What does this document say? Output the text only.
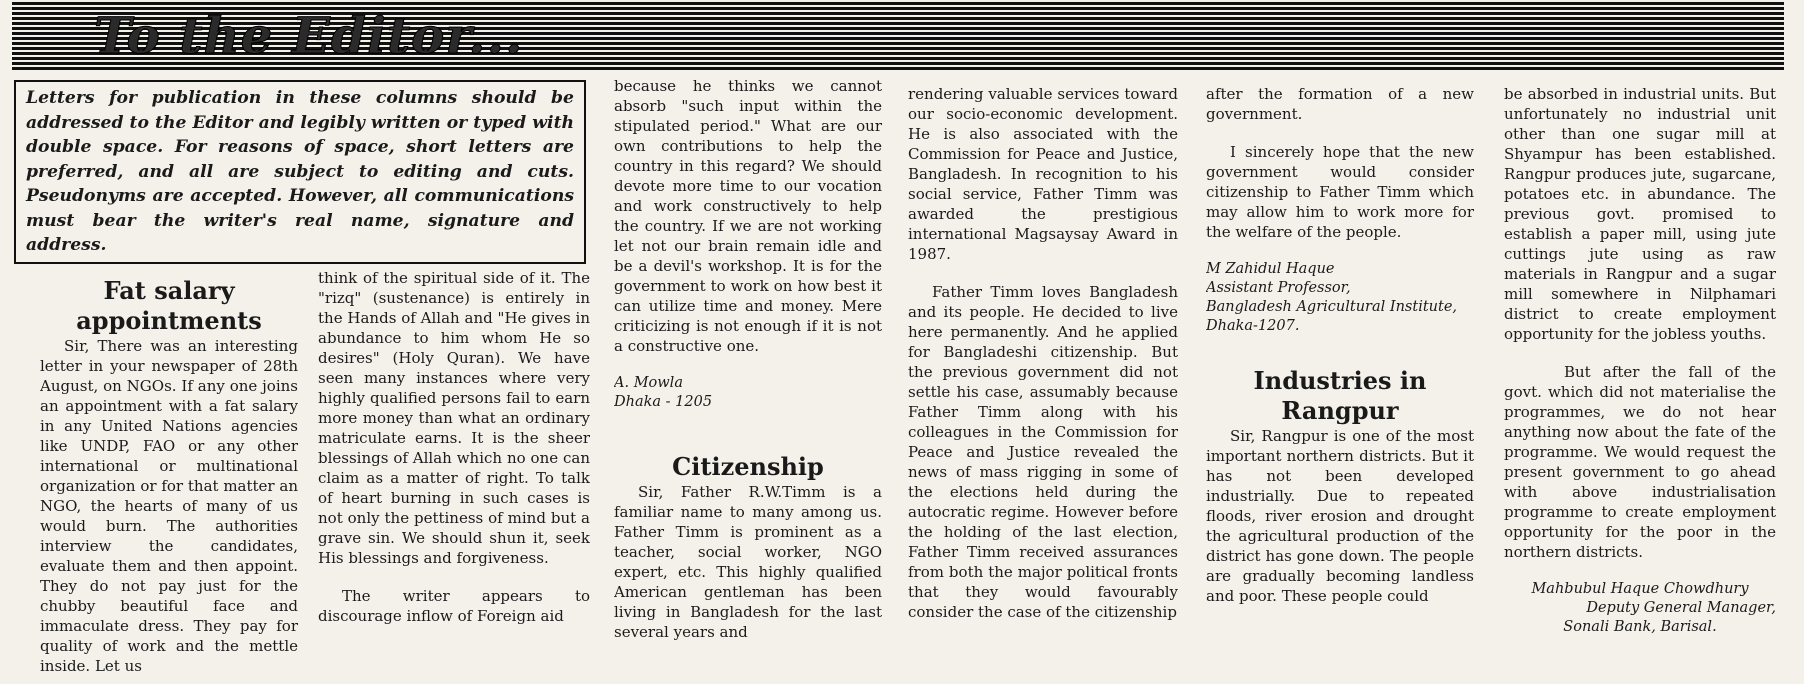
To the Editor...
Letters for publication in these columns should be addressed to the Editor and legibly written or typed with double space. For reasons of space, short letters are preferred, and all are subject to editing and cuts. Pseudonyms are accepted. However, all communications must bear the writer's real name, signature and address.

Fat salary appointments

Sir, There was an interesting letter in your newspaper of 28th August, on NGOs. If any one joins an appointment with a fat salary in any United Nations agencies like UNDP, FAO or any other international or multinational organization or for that matter an NGO, the hearts of many of us would burn. The authorities interview the candidates, evaluate them and then appoint. They do not pay just for the chubby beautiful face and immaculate dress. They pay for quality of work and the mettle inside. Let us

think of the spiritual side of it. The "rizq" (sustenance) is entirely in the Hands of Allah and "He gives in abundance to him whom He so desires" (Holy Quran). We have seen many instances where very highly qualified persons fail to earn more money than what an ordinary matriculate earns. It is the sheer blessings of Allah which no one can claim as a matter of right. To talk of heart burning in such cases is not only the pettiness of mind but a grave sin. We should shun it, seek His blessings and forgiveness.

The writer appears to discourage inflow of Foreign aid

because he thinks we cannot absorb "such input within the stipulated period." What are our own contributions to help the country in this regard? We should devote more time to our vocation and work constructively to help the country. If we are not working let not our brain remain idle and be a devil's workshop. It is for the government to work on how best it can utilize time and money. Mere criticizing is not enough if it is not a constructive one.

A. Mowla

Dhaka - 1205

Citizenship

Sir, Father R.W.Timm is a familiar name to many among us. Father Timm is prominent as a teacher, social worker, NGO expert, etc. This highly qualified American gentleman has been living in Bangladesh for the last several years and

rendering valuable services toward our socio-economic development. He is also associated with the Commission for Peace and Justice, Bangladesh. In recognition to his social service, Father Timm was awarded the prestigious international Magsaysay Award in 1987.

Father Timm loves Bangladesh and its people. He decided to live here permanently. And he applied for Bangladeshi citizenship. But the previous government did not settle his case, assumably because Father Timm along with his colleagues in the Commission for Peace and Justice revealed the news of mass rigging in some of the elections held during the autocratic regime. However before the holding of the last election, Father Timm received assurances from both the major political fronts that they would favourably consider the case of the citizenship

after the formation of a new government.

I sincerely hope that the new government would consider citizenship to Father Timm which may allow him to work more for the welfare of the people.

M Zahidul Haque

Assistant Professor,

Bangladesh Agricultural Institute, Dhaka-1207.

Industries in Rangpur

Sir, Rangpur is one of the most important northern districts. But it has not been developed industrially. Due to repeated floods, river erosion and drought the agricultural production of the district has gone down. The people are gradually becoming landless and poor. These people could

be absorbed in industrial units. But unfortunately no industrial unit other than one sugar mill at Shyampur has been established. Rangpur produces jute, sugarcane, potatoes etc. in abundance. The previous govt. promised to establish a paper mill, using jute cuttings jute using as raw materials in Rangpur and a sugar mill somewhere in Nilphamari district to create employment opportunity for the jobless youths.

But after the fall of the govt. which did not materialise the programmes, we do not hear anything now about the fate of the programme. We would request the present government to go ahead with above industrialisation programme to create employment opportunity for the poor in the northern districts.

Mahbubul Haque Chowdhury

Deputy General Manager,

Sonali Bank, Barisal.
